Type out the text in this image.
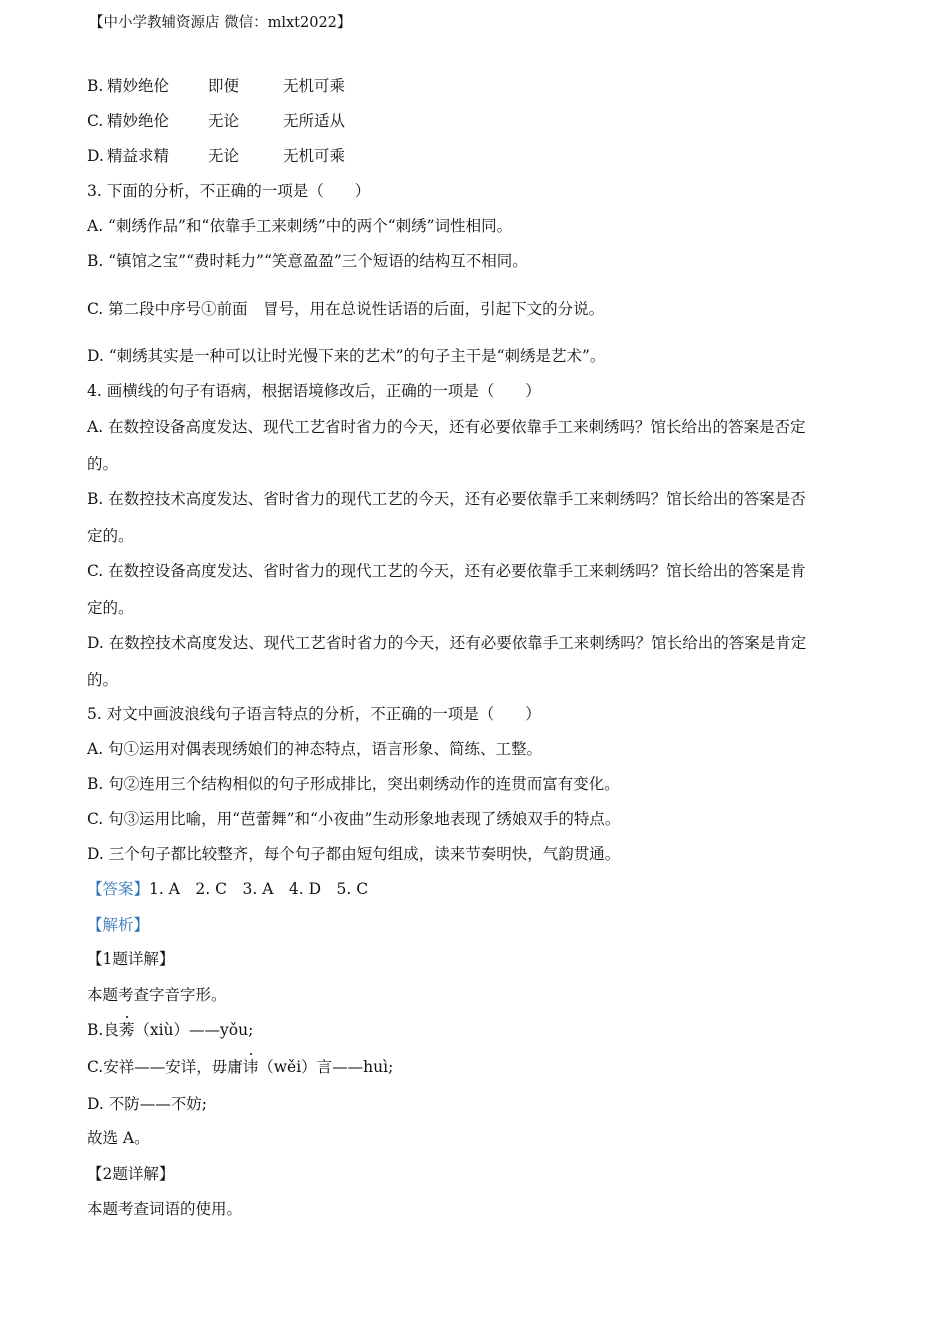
【中小学教辅资源店 微信：mlxt2022】
B. 精妙绝伦	即便	无机可乘
C. 精妙绝伦	无论	无所适从
D. 精益求精	无论	无机可乘
3. 下面的分析，不正确的一项是（　　）
A. “刺绣作品”和“依靠手工来刺绣”中的两个“刺绣”词性相同。
B. “镇馆之宝”“费时耗力”“笑意盈盈”三个短语的结构互不相同。
C. 第二段中序号①前面　冒号，用在总说性话语的后面，引起下文的分说。
D. “刺绣其实是一种可以让时光慢下来的艺术”的句子主干是“刺绣是艺术”。
4. 画横线的句子有语病，根据语境修改后，正确的一项是（　　）
A. 在数控设备高度发达、现代工艺省时省力的今天，还有必要依靠手工来刺绣吗？馆长给出的答案是否定
的。
B. 在数控技术高度发达、省时省力的现代工艺的今天，还有必要依靠手工来刺绣吗？馆长给出的答案是否
定的。
C. 在数控设备高度发达、省时省力的现代工艺的今天，还有必要依靠手工来刺绣吗？馆长给出的答案是肯
定的。
D. 在数控技术高度发达、现代工艺省时省力的今天，还有必要依靠手工来刺绣吗？馆长给出的答案是肯定
的。
5. 对文中画波浪线句子语言特点的分析，不正确的一项是（　　）
A. 句①运用对偶表现绣娘们的神态特点，语言形象、简练、工整。
B. 句②连用三个结构相似的句子形成排比，突出刺绣动作的连贯而富有变化。
C. 句③运用比喻，用“芭蕾舞”和“小夜曲”生动形象地表现了绣娘双手的特点。
D. 三个句子都比较整齐，每个句子都由短句组成，读来节奏明快，气韵贯通。
【答案】1. A　2. C　3. A　4. D　5. C
【解析】
【1题详解】
本题考查字音字形。
B.良莠（xiù）——yǒu;
C.安祥——安详，毋庸讳（wěi）言——huì;
D. 不防——不妨;
故选 A。
【2题详解】
本题考查词语的使用。
